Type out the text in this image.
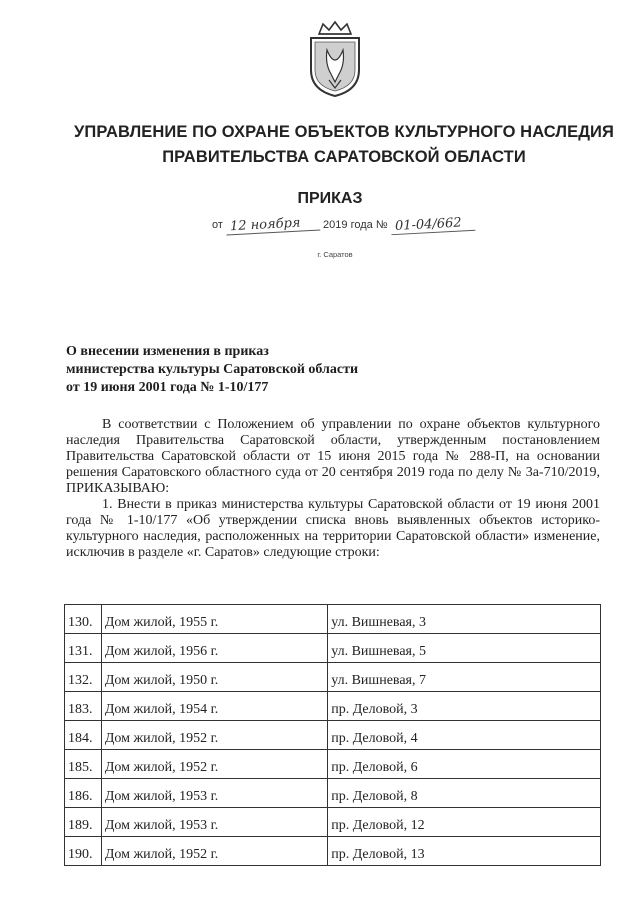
УПРАВЛЕНИЕ ПО ОХРАНЕ ОБЪЕКТОВ КУЛЬТУРНОГО НАСЛЕДИЯ
ПРАВИТЕЛЬСТВА САРАТОВСКОЙ ОБЛАСТИ
ПРИКАЗ
от 12 ноября 2019 года № 01-04/662
г. Саратов
О внесении изменения в приказ
министерства культуры Саратовской области
от 19 июня 2001 года № 1-10/177
В соответствии с Положением об управлении по охране объектов культурного наследия Правительства Саратовской области, утвержденным постановлением Правительства Саратовской области от 15 июня 2015 года № 288-П, на основании решения Саратовского областного суда от 20 сентября 2019 года по делу № 3а-710/2019, ПРИКАЗЫВАЮ:
1. Внести в приказ министерства культуры Саратовской области от 19 июня 2001 года № 1-10/177 «Об утверждении списка вновь выявленных объектов историко-культурного наследия, расположенных на территории Саратовской области» изменение, исключив в разделе «г. Саратов» следующие строки:
130.	Дом жилой, 1955 г.	ул. Вишневая, 3
131.	Дом жилой, 1956 г.	ул. Вишневая, 5
132.	Дом жилой, 1950 г.	ул. Вишневая, 7
183.	Дом жилой, 1954 г.	пр. Деловой, 3
184.	Дом жилой, 1952 г.	пр. Деловой, 4
185.	Дом жилой, 1952 г.	пр. Деловой, 6
186.	Дом жилой, 1953 г.	пр. Деловой, 8
189.	Дом жилой, 1953 г.	пр. Деловой, 12
190.	Дом жилой, 1952 г.	пр. Деловой, 13
